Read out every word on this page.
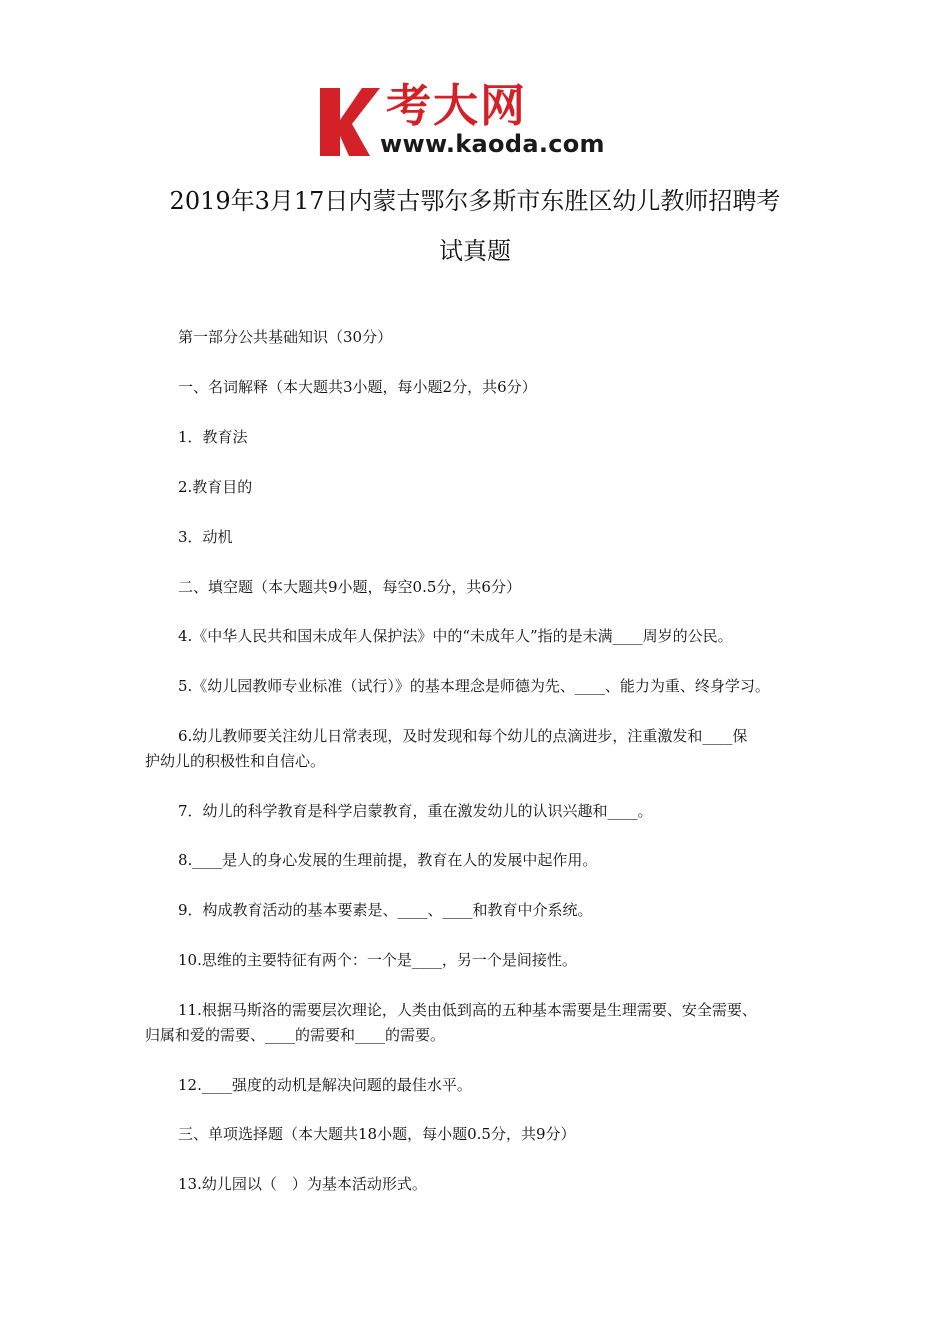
考大网
www.kaoda.com
2019年3月17日内蒙古鄂尔多斯市东胜区幼儿教师招聘考
试真题
第一部分公共基础知识（30分）
一、名词解释（本大题共3小题，每小题2分，共6分）
1．教育法
2.教育目的
3．动机
二、填空题（本大题共9小题，每空0.5分，共6分）
4.《中华人民共和国未成年人保护法》中的“未成年人”指的是未满____周岁的公民。
5.《幼儿园教师专业标准（试行）》的基本理念是师德为先、____、能力为重、终身学习。
6.幼儿教师要关注幼儿日常表现，及时发现和每个幼儿的点滴进步，注重激发和____保
护幼儿的积极性和自信心。
7．幼儿的科学教育是科学启蒙教育，重在激发幼儿的认识兴趣和____。
8.____是人的身心发展的生理前提，教育在人的发展中起作用。
9．构成教育活动的基本要素是、____、____和教育中介系统。
10.思维的主要特征有两个：一个是____，另一个是间接性。
11.根据马斯洛的需要层次理论，人类由低到高的五种基本需要是生理需要、安全需要、
归属和爱的需要、____的需要和____的需要。
12.____强度的动机是解决问题的最佳水平。
三、单项选择题（本大题共18小题，每小题0.5分，共9分）
13.幼儿园以（　）为基本活动形式。
